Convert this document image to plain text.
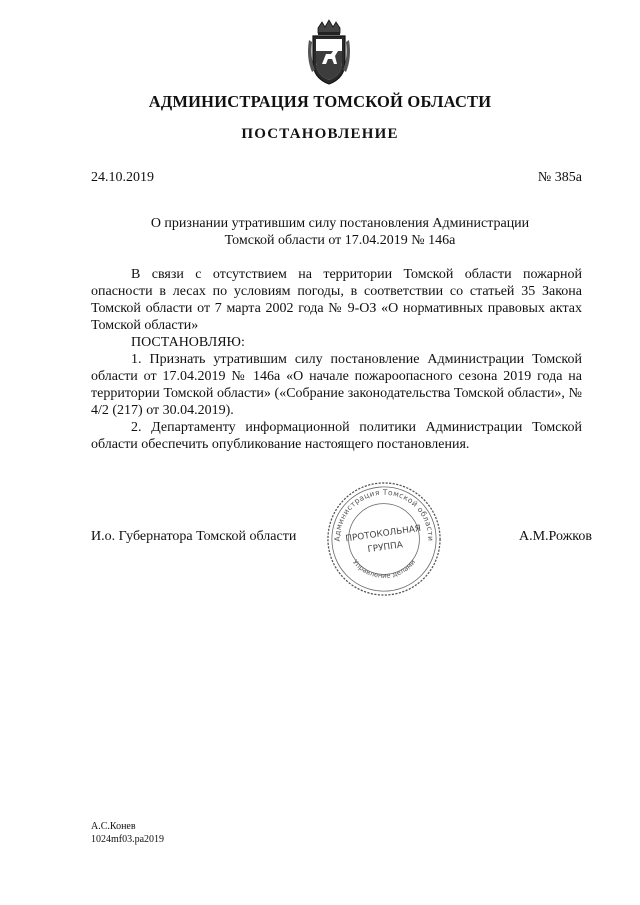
АДМИНИСТРАЦИЯ ТОМСКОЙ ОБЛАСТИ
ПОСТАНОВЛЕНИЕ
24.10.2019	№ 385а
О признании утратившим силу постановления Администрации
Томской области от 17.04.2019 № 146а

В связи с отсутствием на территории Томской области пожарной опасности в лесах по условиям погоды, в соответствии со статьей 35 Закона Томской области от 7 марта 2002 года № 9-ОЗ «О нормативных правовых актах Томской области»

ПОСТАНОВЛЯЮ:

1. Признать утратившим силу постановление Администрации Томской области от 17.04.2019 № 146а «О начале пожароопасного сезона 2019 года на территории Томской области» («Собрание законодательства Томской области», № 4/2 (217) от 30.04.2019).

2. Департаменту информационной политики Администрации Томской области обеспечить опубликование настоящего постановления.

И.о. Губернатора Томской области	А.М.Рожков
Администрация Томской области
Управление делами
ПРОТОКОЛЬНАЯ
ГРУППА
А.С.Конев
1024mf03.pa2019
